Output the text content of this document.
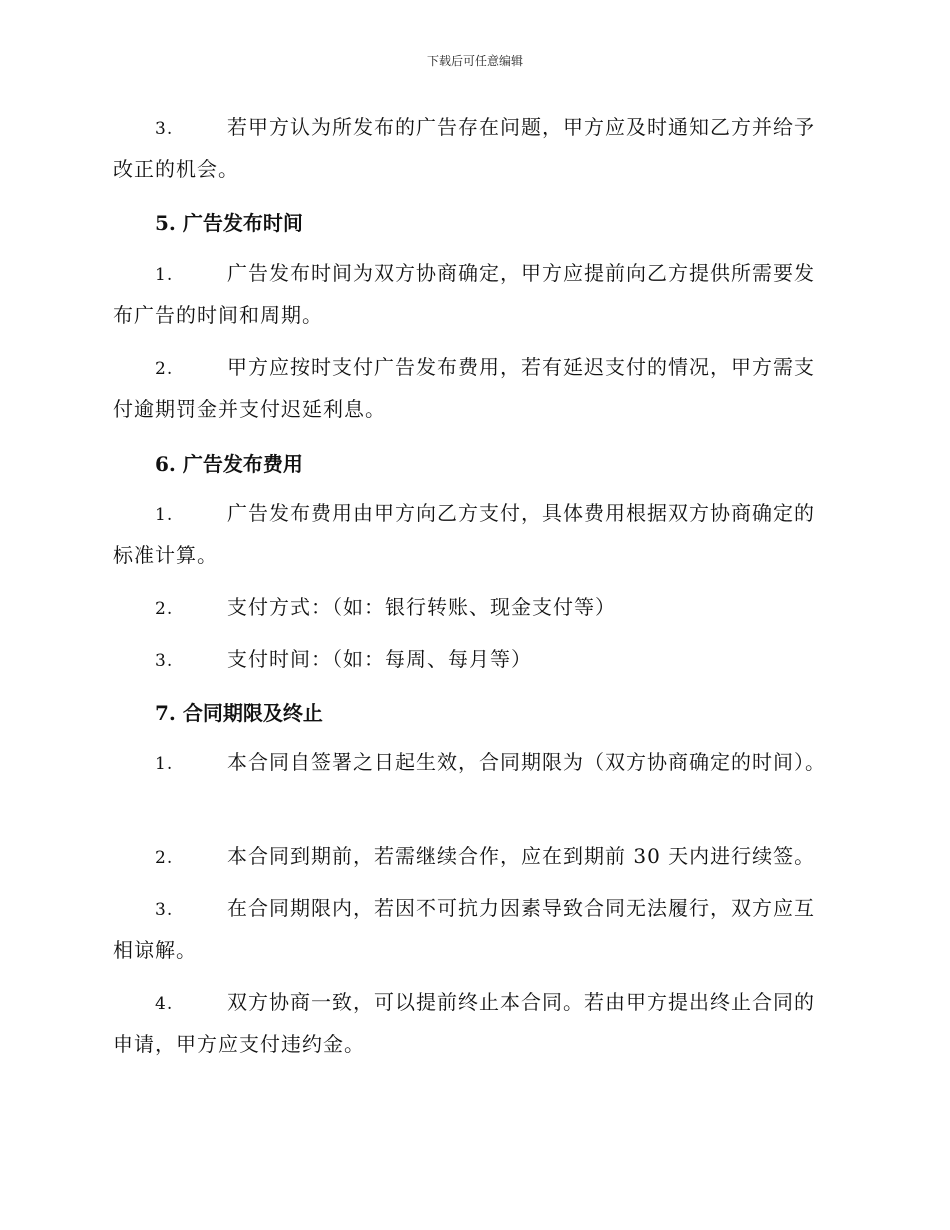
下载后可任意编辑
3.	若甲方认为所发布的广告存在问题，甲方应及时通知乙方并给予改正的机会。
5. 广告发布时间
1.	广告发布时间为双方协商确定，甲方应提前向乙方提供所需要发布广告的时间和周期。
2.	甲方应按时支付广告发布费用，若有延迟支付的情况，甲方需支付逾期罚金并支付迟延利息。
6. 广告发布费用
1.	广告发布费用由甲方向乙方支付，具体费用根据双方协商确定的标准计算。
2.	支付方式：（如：银行转账、现金支付等）
3.	支付时间：（如：每周、每月等）
7. 合同期限及终止
1.	本合同自签署之日起生效，合同期限为（双方协商确定的时间）。
2.	本合同到期前，若需继续合作，应在到期前 30 天内进行续签。
3.	在合同期限内，若因不可抗力因素导致合同无法履行，双方应互相谅解。
4.	双方协商一致，可以提前终止本合同。若由甲方提出终止合同的申请，甲方应支付违约金。
